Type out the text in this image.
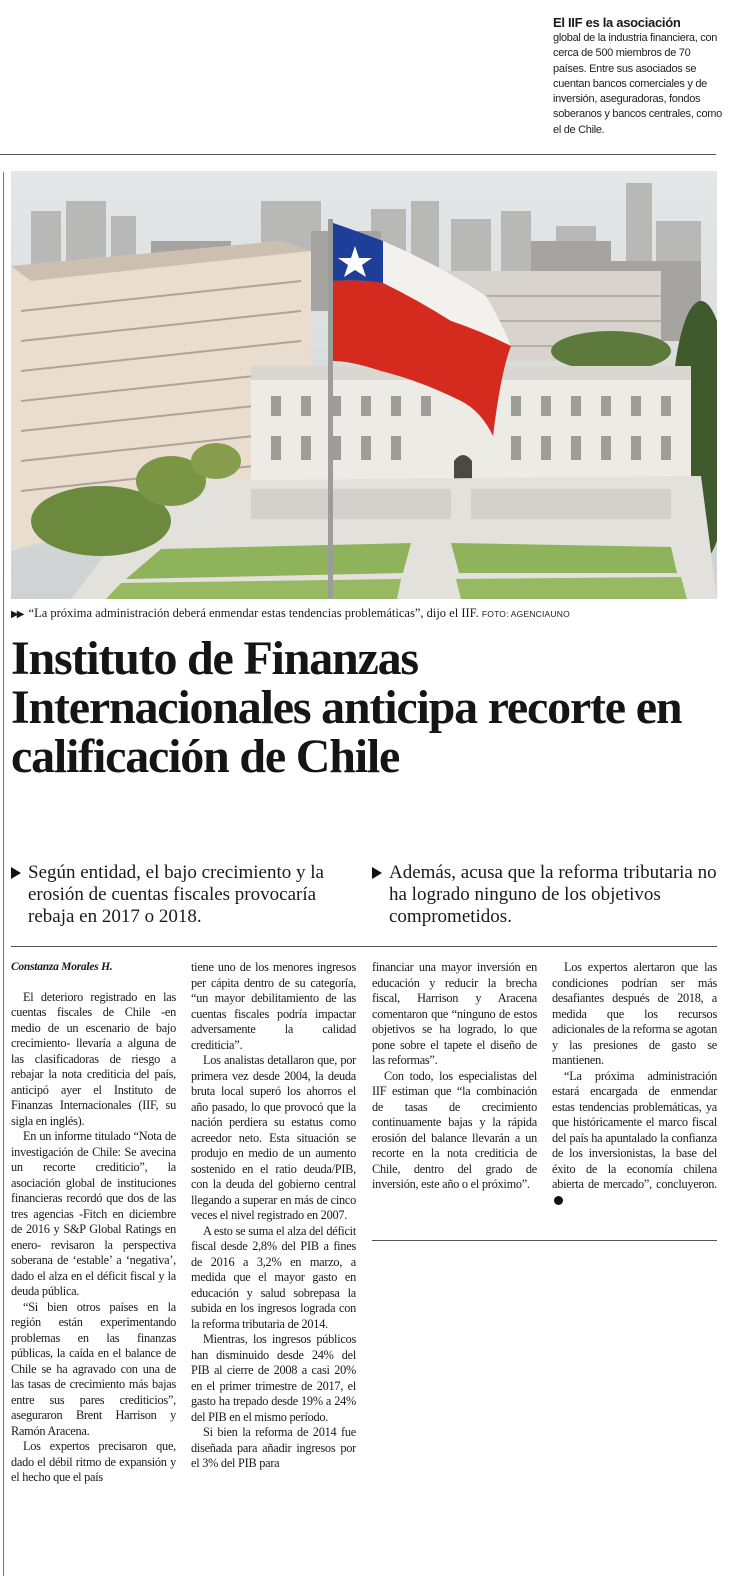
El IIF es la asociación
global de la industria financiera, con cerca de 500 miembros de 70 países. Entre sus asociados se cuentan bancos comerciales y de inversión, aseguradoras, fondos soberanos y bancos centrales, como el de Chile.
▶▶ “La próxima administración deberá enmendar estas tendencias problemáticas”, dijo el IIF. FOTO: AGENCIAUNO
Instituto de Finanzas Internacionales anticipa recorte en calificación de Chile
Según entidad, el bajo crecimiento y la erosión de cuentas fiscales provocaría rebaja en 2017 o 2018.
Además, acusa que la reforma tributaria no ha logrado ninguno de los objetivos comprometidos.

Constanza Morales H.

El deterioro registrado en las cuentas fiscales de Chile -en medio de un escenario de bajo crecimiento- llevaría a alguna de las clasificadoras de riesgo a rebajar la nota crediticia del país, anticipó ayer el Instituto de Finanzas Internacionales (IIF, su sigla en inglés).

En un informe titulado “Nota de investigación de Chile: Se avecina un recorte crediticio”, la asociación global de instituciones financieras recordó que dos de las tres agencias -Fitch en diciembre de 2016 y S&P Global Ratings en enero- revisaron la perspectiva soberana de ‘estable’ a ‘negativa’, dado el alza en el déficit fiscal y la deuda pública.

“Si bien otros países en la región están experimentando problemas en las finanzas públicas, la caída en el balance de Chile se ha agravado con una de las tasas de crecimiento más bajas entre sus pares crediticios”, aseguraron Brent Harrison y Ramón Aracena.

Los expertos precisaron que, dado el débil ritmo de expansión y el hecho que el país

tiene uno de los menores ingresos per cápita dentro de su categoría, “un mayor debilitamiento de las cuentas fiscales podría impactar adversamente la calidad crediticia”.

Los analistas detallaron que, por primera vez desde 2004, la deuda bruta local superó los ahorros el año pasado, lo que provocó que la nación perdiera su estatus como acreedor neto. Esta situación se produjo en medio de un aumento sostenido en el ratio deuda/PIB, con la deuda del gobierno central llegando a superar en más de cinco veces el nivel registrado en 2007.

A esto se suma el alza del déficit fiscal desde 2,8% del PIB a fines de 2016 a 3,2% en marzo, a medida que el mayor gasto en educación y salud sobrepasa la subida en los ingresos lograda con la reforma tributaria de 2014.

Mientras, los ingresos públicos han disminuido desde 24% del PIB al cierre de 2008 a casi 20% en el primer trimestre de 2017, el gasto ha trepado desde 19% a 24% del PIB en el mismo período.

Si bien la reforma de 2014 fue diseñada para añadir ingresos por el 3% del PIB para

financiar una mayor inversión en educación y reducir la brecha fiscal, Harrison y Aracena comentaron que “ninguno de estos objetivos se ha logrado, lo que pone sobre el tapete el diseño de las reformas”.

Con todo, los especialistas del IIF estiman que “la combinación de tasas de crecimiento continuamente bajas y la rápida erosión del balance llevarán a un recorte en la nota crediticia de Chile, dentro del grado de inversión, este año o el próximo”.

Los expertos alertaron que las condiciones podrían ser más desafiantes después de 2018, a medida que los recursos adicionales de la reforma se agotan y las presiones de gasto se mantienen.

“La próxima administración estará encargada de enmendar estas tendencias problemáticas, ya que históricamente el marco fiscal del país ha apuntalado la confianza de los inversionistas, la base del éxito de la economía chilena abierta de mercado”, concluyeron.
